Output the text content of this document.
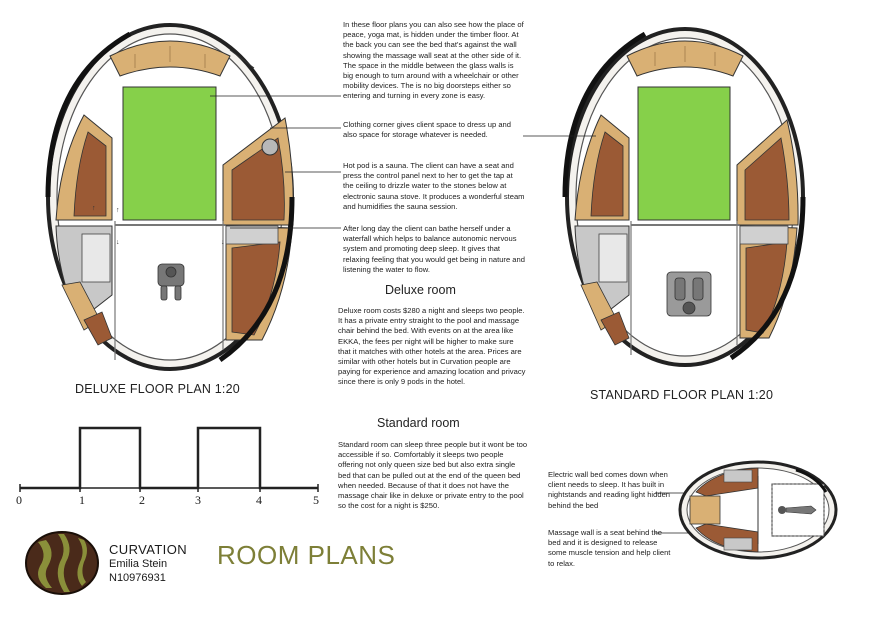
↑	↑
↓	↓
DELUXE FLOOR PLAN 1:20	STANDARD FLOOR PLAN 1:20
In these floor plans you can also see how the place of peace, yoga mat, is hidden under the timber floor. At the back you can see the bed that's against the wall showing the massage wall seat at the other side of it. The space in the middle between the glass walls is big enough to turn around with a wheelchair or other mobility devices. The is no big doorsteps either so entering and turning in every zone is easy.
Clothing corner gives client space to dress up and also space for storage whatever is needed.
Hot pod is a sauna. The client can have a seat and press the control panel next to her to get the tap at the ceiling to drizzle water to the stones below at electronic sauna stove. It produces a wonderful steam and humidifies the sauna session.
After long day the client can bathe herself under a waterfall which helps to balance autonomic nervous system and promoting deep sleep. It gives that relaxing feeling that you would get being in nature and listening the water to flow.
Deluxe room
Deluxe room costs $280 a night and sleeps two people. It has a private entry straight to the pool and massage chair behind the bed. With events on at the area like EKKA, the fees per night will be higher to make sure that it matches with other hotels at the area. Prices are similar with other hotels but in Curvation people are paying for experience and amazing location and privacy since there is only 9 pods in the hotel.
Standard room
Standard room can sleep three people but it wont be too accessible if so. Comfortably it sleeps two people offering not only queen size bed but also extra single bed that can be pulled out at the end of the queen bed when needed. Because of that it does not have the massage chair like in deluxe or private entry to the pool so the cost for a night is $250.
Electric wall bed comes down when client needs to sleep. It has built in nightstands and reading light hidden behind the bed
Massage wall is a seat behind the bed and it is designed to release some muscle tension and help client to relax.
0	1	2	3	4	5
CURVATION
Emilia Stein
N10976931
ROOM PLANS
